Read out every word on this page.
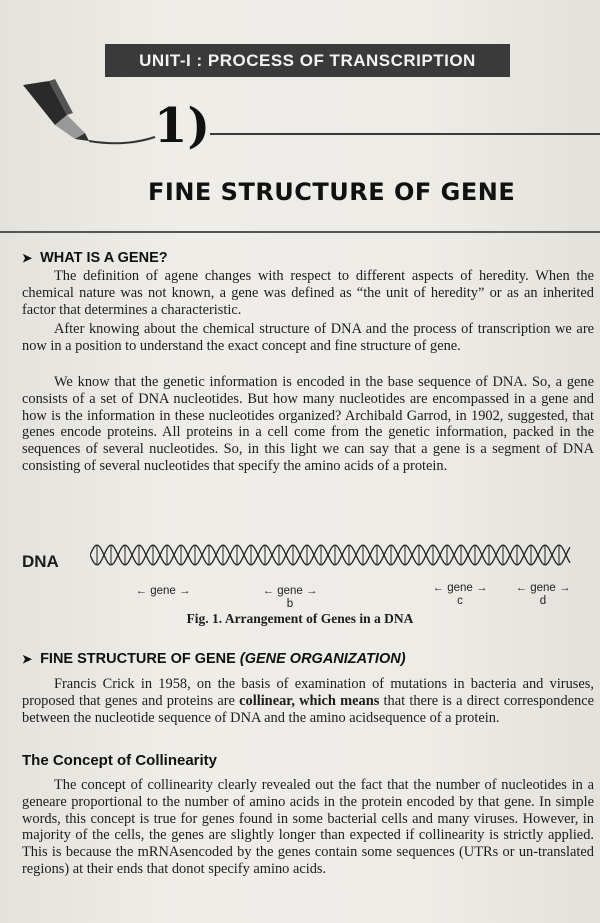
UNIT-I : PROCESS OF TRANSCRIPTION
1)
FINE STRUCTURE OF GENE
➤ WHAT IS A GENE?

The definition of agene changes with respect to different aspects of heredity. When the chemical nature was not known, a gene was defined as “the unit of heredity” or as an inherited factor that determines a characteristic.

After knowing about the chemical structure of DNA and the process of transcription we are now in a position to understand the exact concept and fine structure of gene.

We know that the genetic information is encoded in the base sequence of DNA. So, a gene consists of a set of DNA nucleotides. But how many nucleotides are encompassed in a gene and how is the information in these nucleotides organized? Archibald Garrod, in 1902, suggested, that genes encode proteins. All proteins in a cell come from the genetic information, packed in the sequences of several nucleotides. So, in this light we can say that a gene is a segment of DNA consisting of several nucleotides that specify the amino acids of a protein.

DNA
← gene →	← gene →
b
← gene →
c
← gene →
d
Fig. 1. Arrangement of Genes in a DNA
➤ FINE STRUCTURE OF GENE
(GENE ORGANIZATION)

Francis Crick in 1958, on the basis of examination of mutations in bacteria and viruses, proposed that genes and proteins are collinear, which means that there is a direct correspondence between the nucleotide sequence of DNA and the amino acidsequence of a protein.

The Concept of Collinearity

The concept of collinearity clearly revealed out the fact that the number of nucleotides in a geneare proportional to the number of amino acids in the protein encoded by that gene. In simple words, this concept is true for genes found in some bacterial cells and many viruses. However, in majority of the cells, the genes are slightly longer than expected if collinearity is strictly applied. This is because the mRNAsencoded by the genes contain some sequences (UTRs or un-translated regions) at their ends that donot specify amino acids.
